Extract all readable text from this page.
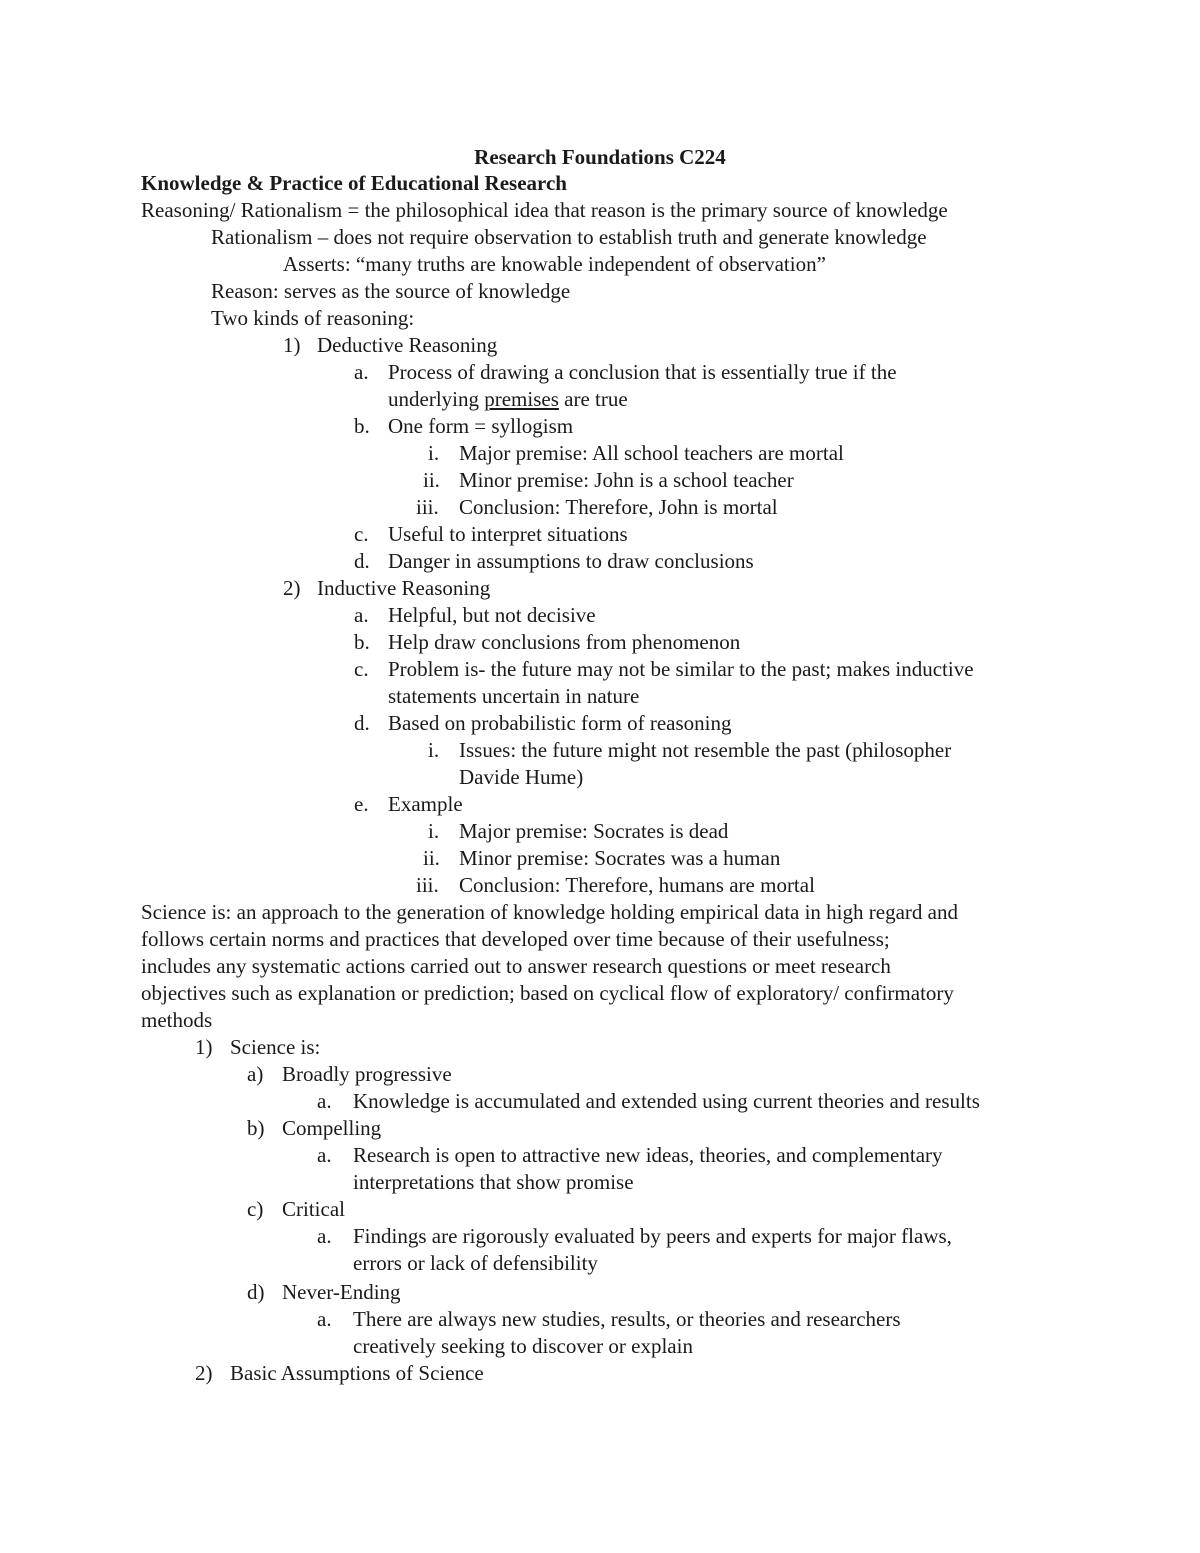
Research Foundations C224
Knowledge & Practice of Educational Research
Reasoning/ Rationalism = the philosophical idea that reason is the primary source of knowledge
Rationalism – does not require observation to establish truth and generate knowledge
Asserts: “many truths are knowable independent of observation”
Reason: serves as the source of knowledge
Two kinds of reasoning:
1) Deductive Reasoning
a. Process of drawing a conclusion that is essentially true if the
underlying premises are true
b. One form = syllogism
i. Major premise: All school teachers are mortal
ii. Minor premise: John is a school teacher
iii. Conclusion: Therefore, John is mortal
c. Useful to interpret situations
d. Danger in assumptions to draw conclusions
2) Inductive Reasoning
a. Helpful, but not decisive
b. Help draw conclusions from phenomenon
c. Problem is- the future may not be similar to the past; makes inductive
statements uncertain in nature
d. Based on probabilistic form of reasoning
i. Issues: the future might not resemble the past (philosopher
Davide Hume)
e. Example
i. Major premise: Socrates is dead
ii. Minor premise: Socrates was a human
iii. Conclusion: Therefore, humans are mortal
Science is: an approach to the generation of knowledge holding empirical data in high regard and
follows certain norms and practices that developed over time because of their usefulness;
includes any systematic actions carried out to answer research questions or meet research
objectives such as explanation or prediction; based on cyclical flow of exploratory/ confirmatory
methods
1) Science is:
a) Broadly progressive
a. Knowledge is accumulated and extended using current theories and results
b) Compelling
a. Research is open to attractive new ideas, theories, and complementary
interpretations that show promise
c) Critical
a. Findings are rigorously evaluated by peers and experts for major flaws,
errors or lack of defensibility
d) Never-Ending
a. There are always new studies, results, or theories and researchers
creatively seeking to discover or explain
2) Basic Assumptions of Science
